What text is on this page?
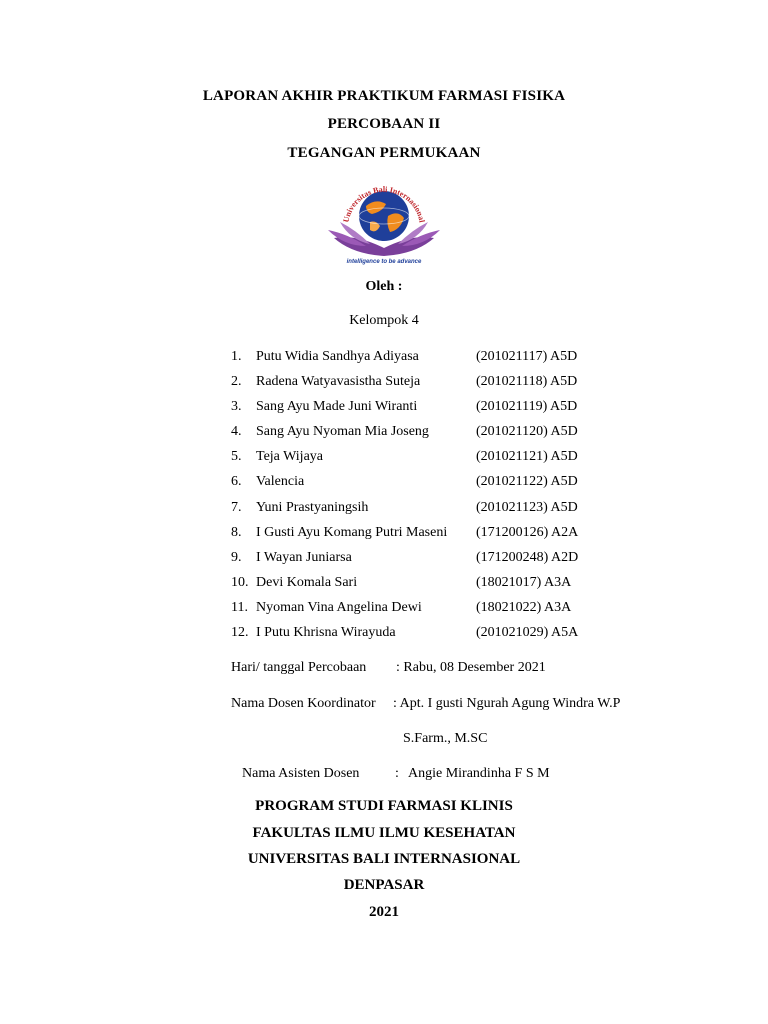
LAPORAN AKHIR PRAKTIKUM FARMASI FISIKA
PERCOBAAN II
TEGANGAN PERMUKAAN
Universitas Bali Internasional
intelligence to be advance
Oleh :
Kelompok 4
1. Putu Widia Sandhya Adiyasa	(201021117) A5D
2. Radena Watyavasistha Suteja	(201021118) A5D
3. Sang Ayu Made Juni Wiranti	(201021119) A5D
4. Sang Ayu Nyoman Mia Joseng	(201021120) A5D
5. Teja Wijaya	(201021121) A5D
6. Valencia	(201021122) A5D
7. Yuni Prastyaningsih	(201021123) A5D
8. I Gusti Ayu Komang Putri Maseni (171200126) A2A
9. I Wayan Juniarsa	(171200248) A2D
10. Devi Komala Sari	(18021017) A3A
11. Nyoman Vina Angelina Dewi	(18021022) A3A
12. I Putu Khrisna Wirayuda	(201021029) A5A
Hari/ tanggal Percobaan : Rabu, 08 Desember 2021
Nama Dosen Koordinator : Apt. I gusti Ngurah Agung Windra W.P
S.Farm., M.SC
Nama Asisten Dosen	: Angie Mirandinha F S M
PROGRAM STUDI FARMASI KLINIS
FAKULTAS ILMU ILMU KESEHATAN
UNIVERSITAS BALI INTERNASIONAL
DENPASAR
2021
